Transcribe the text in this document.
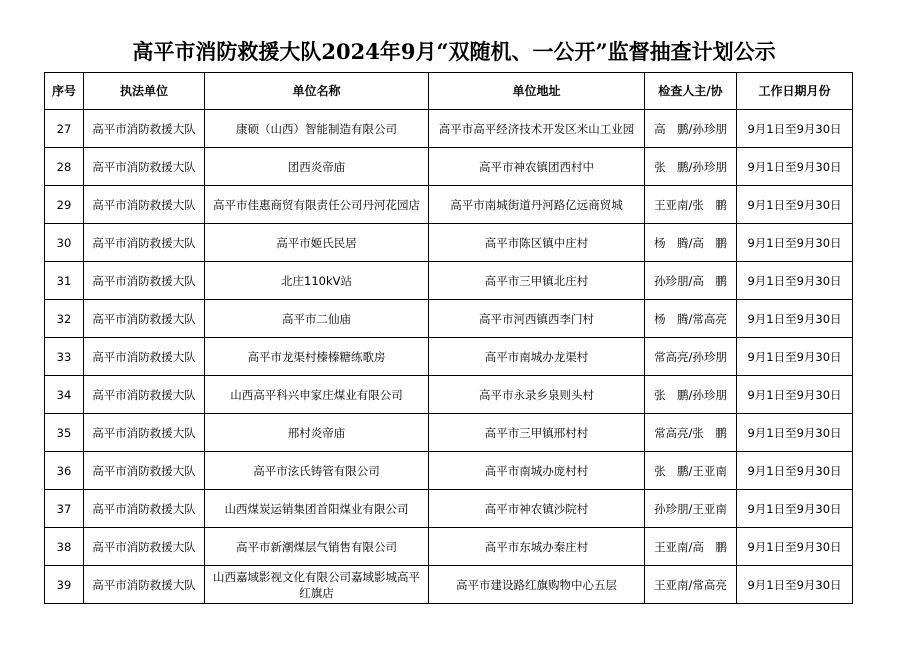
高平市消防救援大队2024年9月“双随机、一公开”监督抽查计划公示
序号	执法单位	单位名称	单位地址	检查人主/协	工作日期月份
27	高平市消防救援大队	康硕（山西）智能制造有限公司	高平市高平经济技术开发区米山工业园	高　鹏/孙珍朋	9月1日至9月30日
28	高平市消防救援大队	团西炎帝庙	高平市神农镇团西村中	张　鹏/孙珍朋	9月1日至9月30日
29	高平市消防救援大队	高平市佳惠商贸有限责任公司丹河花园店	高平市南城街道丹河路亿远商贸城	王亚南/张　鹏	9月1日至9月30日
30	高平市消防救援大队	高平市姬氏民居	高平市陈区镇中庄村	杨　腾/高　鹏	9月1日至9月30日
31	高平市消防救援大队	北庄110kV站	高平市三甲镇北庄村	孙珍朋/高　鹏	9月1日至9月30日
32	高平市消防救援大队	高平市二仙庙	高平市河西镇西李门村	杨　腾/常高亮	9月1日至9月30日
33	高平市消防救援大队	高平市龙渠村榛榛糖练歌房	高平市南城办龙渠村	常高亮/孙珍朋	9月1日至9月30日
34	高平市消防救援大队	山西高平科兴申家庄煤业有限公司	高平市永录乡泉则头村	张　鹏/孙珍朋	9月1日至9月30日
35	高平市消防救援大队	邢村炎帝庙	高平市三甲镇邢村村	常高亮/张　鹏	9月1日至9月30日
36	高平市消防救援大队	高平市泫氏铸管有限公司	高平市南城办庞村村	张　鹏/王亚南	9月1日至9月30日
37	高平市消防救援大队	山西煤炭运销集团首阳煤业有限公司	高平市神农镇沙院村	孙珍朋/王亚南	9月1日至9月30日
38	高平市消防救援大队	高平市新潮煤层气销售有限公司	高平市东城办秦庄村	王亚南/高　鹏	9月1日至9月30日
39	高平市消防救援大队	山西嘉域影视文化有限公司嘉域影城高平红旗店	高平市建设路红旗购物中心五层	王亚南/常高亮	9月1日至9月30日
